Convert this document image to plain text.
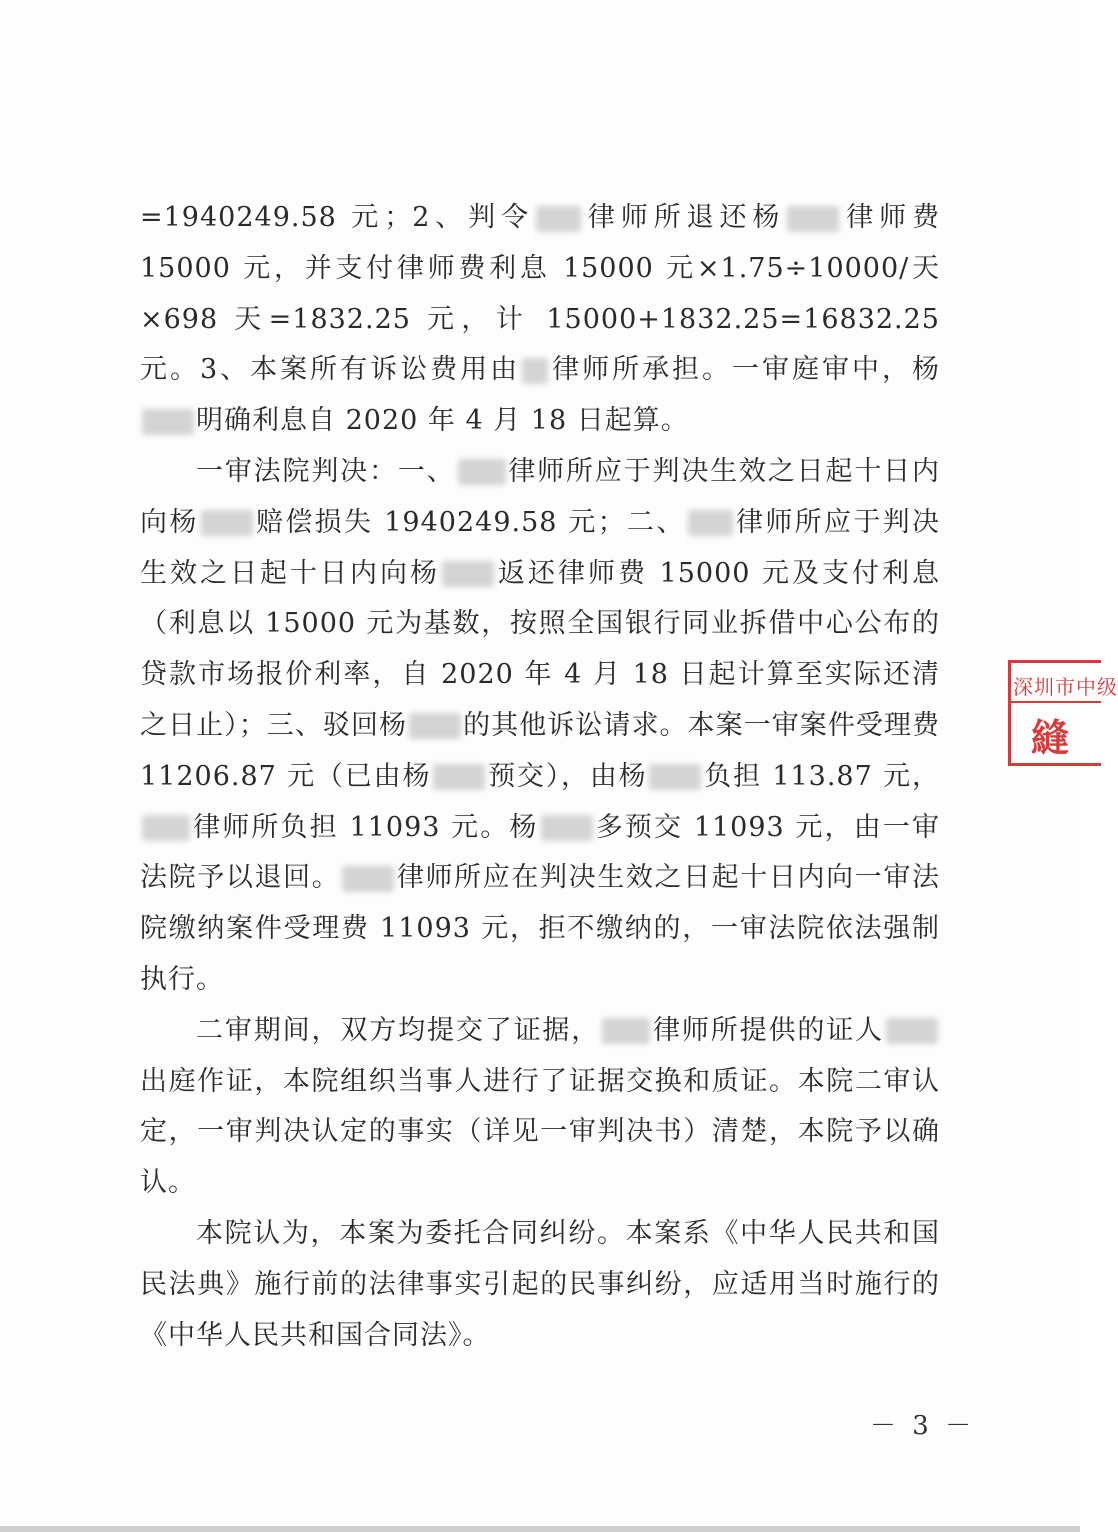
=1940249.58 元；2、判令 律师所退还杨 律师费 15000 元，并支付律师费利息 15000 元×1.75÷10000/天×698 天=1832.25 元，计 15000+1832.25=16832.25 元。3、本案所有诉讼费用由 律师所承担。一审庭审中，杨明确利息自 2020 年 4 月 18 日起算。

一审法院判决：一、 律师所应于判决生效之日起十日内向杨 赔偿损失 1940249.58 元；二、 律师所应于判决生效之日起十日内向杨 返还律师费 15000 元及支付利息（利息以 15000 元为基数，按照全国银行同业拆借中心公布的贷款市场报价利率，自 2020 年 4 月 18 日起计算至实际还清之日止）；三、驳回杨 的其他诉讼请求。本案一审案件受理费 11206.87 元（已由杨 预交），由杨 负担 113.87 元，律师所负担 11093 元。杨 多预交 11093 元，由一审法院予以退回。 律师所应在判决生效之日起十日内向一审法院缴纳案件受理费 11093 元，拒不缴纳的，一审法院依法强制执行。

二审期间，双方均提交了证据， 律师所提供的证人出庭作证，本院组织当事人进行了证据交换和质证。本院二审认定，一审判决认定的事实（详见一审判决书）清楚，本院予以确认。

本院认为，本案为委托合同纠纷。本案系《中华人民共和国民法典》施行前的法律事实引起的民事纠纷，应适用当时施行的《中华人民共和国合同法》。

深圳市中级
縫
－ 3 －
